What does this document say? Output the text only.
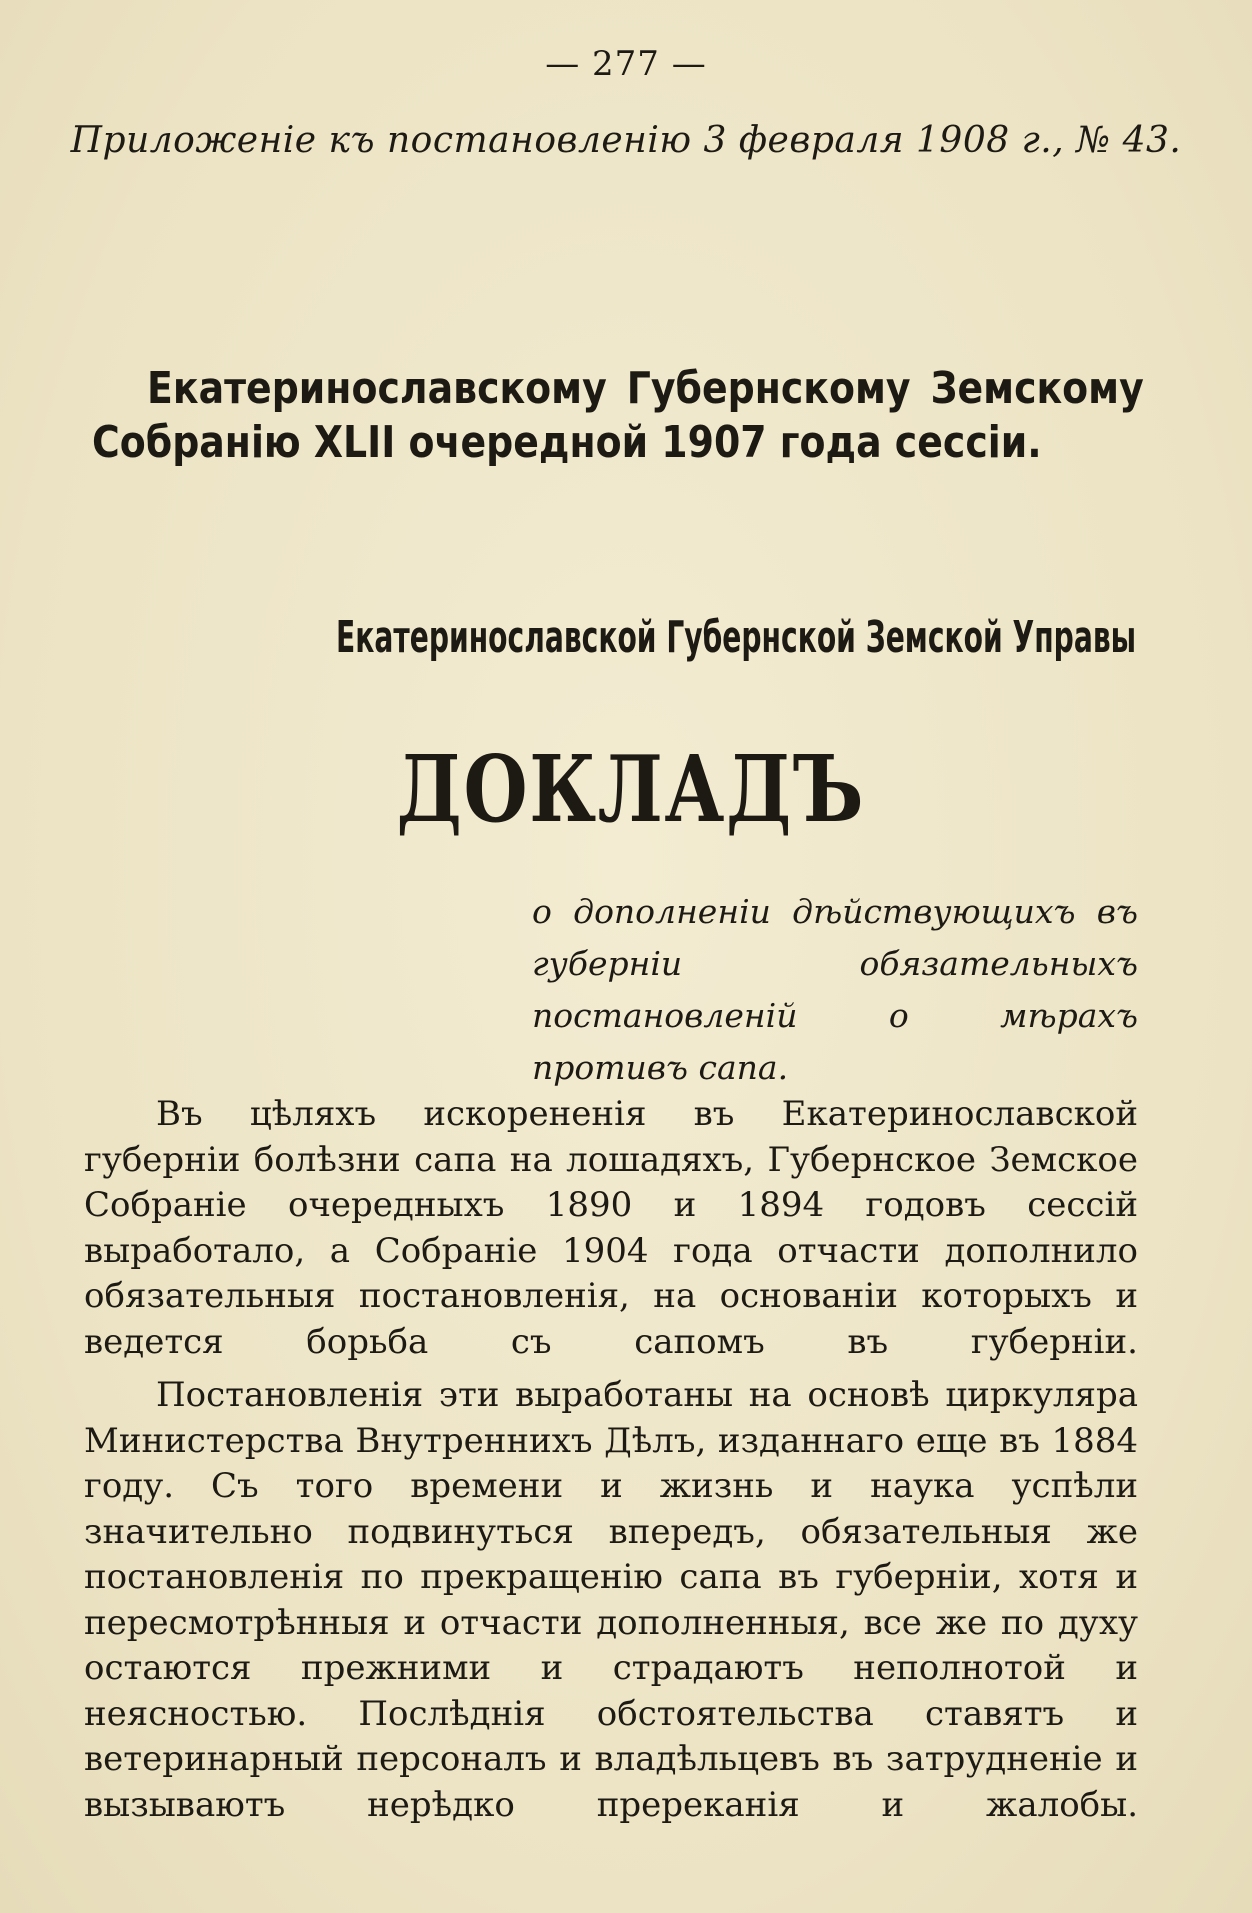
— 277 —
Приложенiе къ постановленiю 3 февраля 1908 г., № 43.

Екатеринославскому Губернскому Земскому Собранiю XLII очередной 1907 года сессiи.

Екатеринославской Губернской Земской Управы
ДОКЛАДЪ

о дополненiи дѣйствующихъ въ губернiи обязательныхъ постановленiй о мѣрахъ противъ сапа.

Въ цѣляхъ искорененiя въ Екатеринославской губернiи болѣзни сапа на лошадяхъ, Губернское Земское Собранiе очередныхъ 1890 и 1894 годовъ сессiй выработало, а Собранiе 1904 года отчасти дополнило обязательныя постановленiя, на основанiи которыхъ и ведется борьба съ сапомъ въ губернiи.

Постановленiя эти выработаны на основѣ циркуляра Министерства Внутреннихъ Дѣлъ, изданнаго еще въ 1884 году. Съ того времени и жизнь и наука успѣли значительно подвинуться впередъ, обязательныя же постановленiя по прекращенiю сапа въ губернiи, хотя и пересмотрѣнныя и отчасти дополненныя, все же по духу остаются прежними и страдаютъ неполнотой и неясностью. Послѣднiя обстоятельства ставятъ и ветеринарный персоналъ и владѣльцевъ въ затрудненiе и вызываютъ нерѣдко пререканiя и жалобы.
